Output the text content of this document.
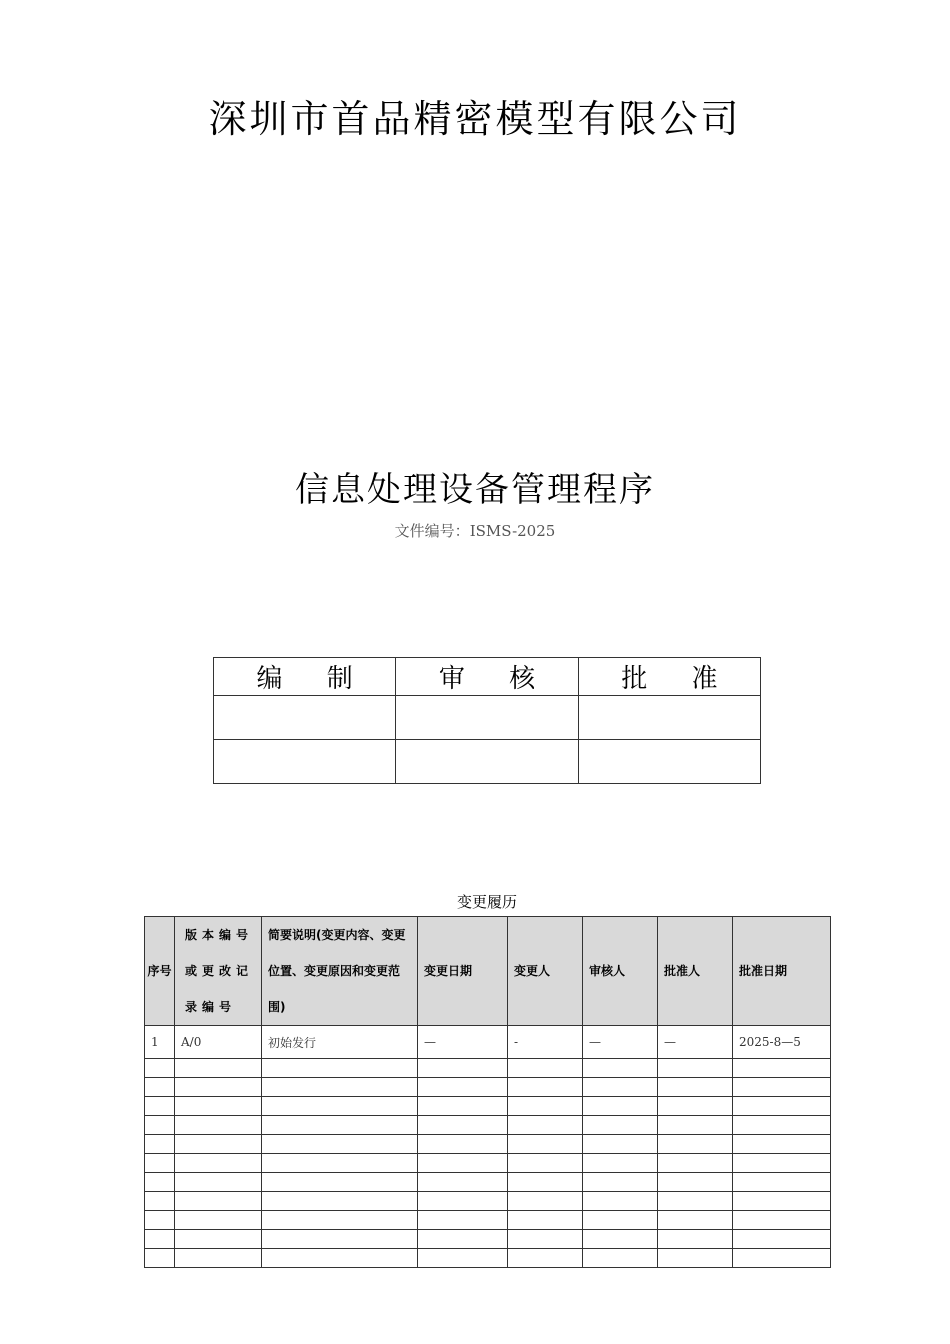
深圳市首品精密模型有限公司
信息处理设备管理程序
文件编号：ISMS-2025
编 制	审 核	批 准

变更履历
序号	版本编号或更改记录编号	简要说明(变更内容、变更位置、变更原因和变更范围)	变更日期	变更人	审核人	批准人	批准日期
1	A/0	初始发行	—	-	—	—	2025-8—5
